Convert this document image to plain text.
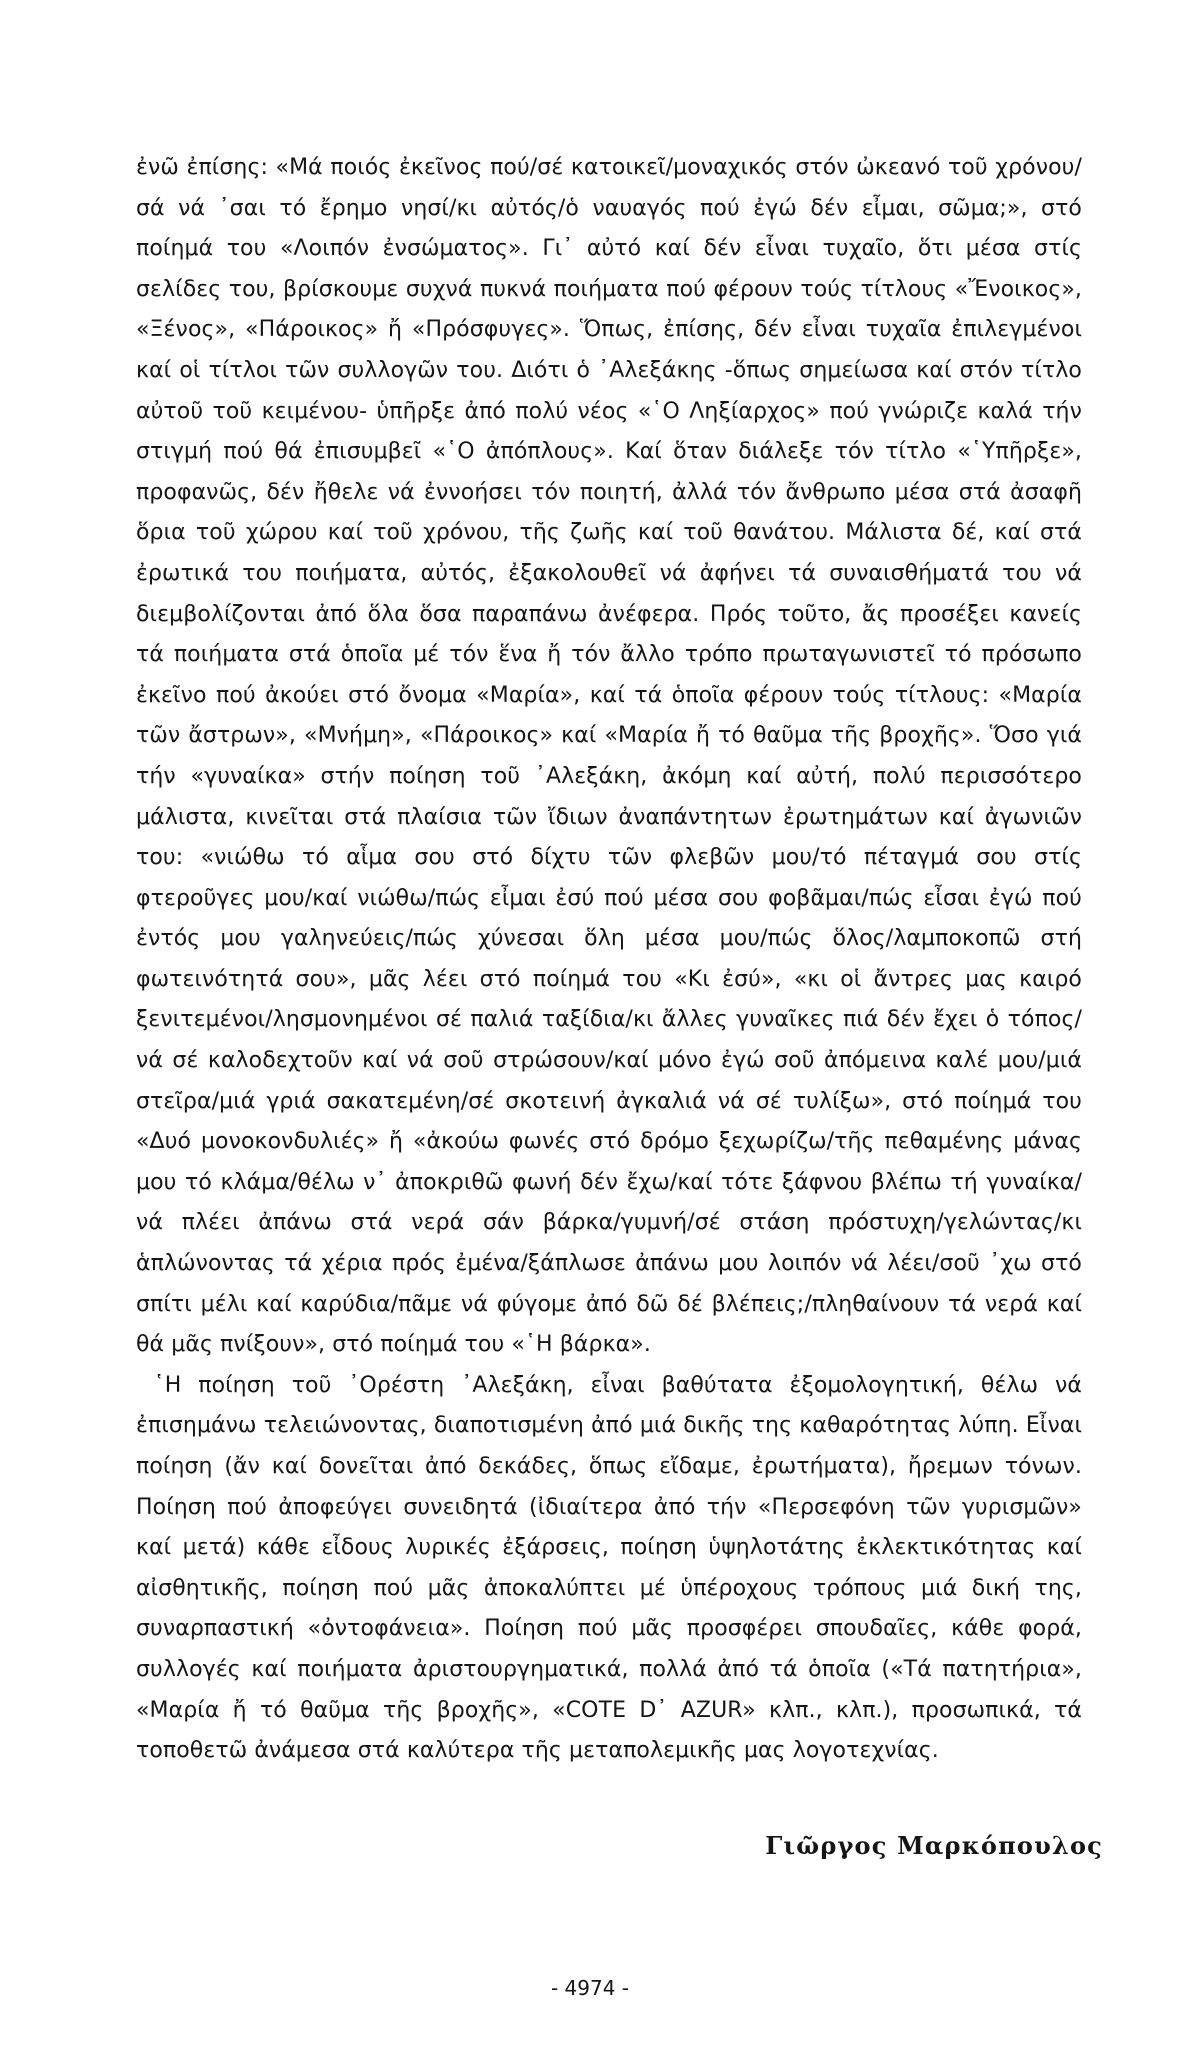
ἐνῶ ἐπίσης: «Μά ποιός ἐκεῖνος πού/σέ κατοικεῖ/μοναχικός στόν ὠκεανό τοῦ χρόνου/σά νά ᾽σαι τό ἔρημο νησί/κι αὐτός/ὁ ναυαγός πού ἐγώ δέν εἶμαι, σῶμα;», στό ποίημά του «Λοιπόν ἐνσώματος». Γι᾽ αὐτό καί δέν εἶναι τυχαῖο, ὅτι μέσα στίς σελίδες του, βρίσκουμε συχνά πυκνά ποιήματα πού φέρουν τούς τίτλους «Ἔνοικος», «Ξένος», «Πάροικος» ἤ «Πρόσφυγες». Ὅπως, ἐπίσης, δέν εἶναι τυχαῖα ἐπιλεγμένοι καί οἱ τίτλοι τῶν συλλογῶν του. Διότι ὁ ᾽Αλεξάκης -ὅπως σημείωσα καί στόν τίτλο αὐτοῦ τοῦ κειμένου- ὑπῆρξε ἀπό πολύ νέος «῾Ο Ληξίαρχος» πού γνώριζε καλά τήν στιγμή πού θά ἐπισυμβεῖ «῾Ο ἀπόπλους». Καί ὅταν διάλεξε τόν τίτλο «῾Υπῆρξε», προφανῶς, δέν ἤθελε νά ἐννοήσει τόν ποιητή, ἀλλά τόν ἄνθρωπο μέσα στά ἀσαφῆ ὅρια τοῦ χώρου καί τοῦ χρόνου, τῆς ζωῆς καί τοῦ θανάτου. Μάλιστα δέ, καί στά ἐρωτικά του ποιήματα, αὐτός, ἐξακολουθεῖ νά ἀφήνει τά συναισθήματά του νά διεμβολίζονται ἀπό ὅλα ὅσα παραπάνω ἀνέφερα. Πρός τοῦτο, ἄς προσέξει κανείς τά ποιήματα στά ὁποῖα μέ τόν ἕνα ἤ τόν ἄλλο τρόπο πρωταγωνιστεῖ τό πρόσωπο ἐκεῖνο πού ἀκούει στό ὄνομα «Μαρία», καί τά ὁποῖα φέρουν τούς τίτλους: «Μαρία τῶν ἄστρων», «Μνήμη», «Πάροικος» καί «Μαρία ἤ τό θαῦμα τῆς βροχῆς». Ὅσο γιά τήν «γυναίκα» στήν ποίηση τοῦ ᾽Αλεξάκη, ἀκόμη καί αὐτή, πολύ περισσότερο μάλιστα, κινεῖται στά πλαίσια τῶν ἴδιων ἀναπάντητων ἐρωτημάτων καί ἀγωνιῶν του: «νιώθω τό αἷμα σου στό δίχτυ τῶν φλεβῶν μου/τό πέταγμά σου στίς φτεροῦγες μου/καί νιώθω/πώς εἶμαι ἐσύ πού μέσα σου φοβᾶμαι/πώς εἶσαι ἐγώ πού ἐντός μου γαληνεύεις/πώς χύνεσαι ὅλη μέσα μου/πώς ὅλος/λαμποκοπῶ στή φωτεινότητά σου», μᾶς λέει στό ποίημά του «Κι ἐσύ», «κι οἱ ἄντρες μας καιρό ξενιτεμένοι/λησμονημένοι σέ παλιά ταξίδια/κι ἄλλες γυναῖκες πιά δέν ἔχει ὁ τόπος/νά σέ καλοδεχτοῦν καί νά σοῦ στρώσουν/καί μόνο ἐγώ σοῦ ἀπόμεινα καλέ μου/μιά στεῖρα/μιά γριά σακατεμένη/σέ σκοτεινή ἀγκαλιά νά σέ τυλίξω», στό ποίημά του «Δυό μονοκονδυλιές» ἤ «ἀκούω φωνές στό δρόμο ξεχωρίζω/τῆς πεθαμένης μάνας μου τό κλάμα/θέλω ν᾽ ἀποκριθῶ φωνή δέν ἔχω/καί τότε ξάφνου βλέπω τή γυναίκα/νά πλέει ἀπάνω στά νερά σάν βάρκα/γυμνή/σέ στάση πρόστυχη/γελώντας/κι ἁπλώνοντας τά χέρια πρός ἐμένα/ξάπλωσε ἀπάνω μου λοιπόν νά λέει/σοῦ ᾽χω στό σπίτι μέλι καί καρύδια/πᾶμε νά φύγομε ἀπό δῶ δέ βλέπεις;/πληθαίνουν τά νερά καί θά μᾶς πνίξουν», στό ποίημά του «῾Η βάρκα».

῾Η ποίηση τοῦ ᾽Ορέστη ᾽Αλεξάκη, εἶναι βαθύτατα ἐξομολογητική, θέλω νά ἐπισημάνω τελειώνοντας, διαποτισμένη ἀπό μιά δικῆς της καθαρότητας λύπη. Εἶναι ποίηση (ἄν καί δονεῖται ἀπό δεκάδες, ὅπως εἴδαμε, ἐρωτήματα), ἤρεμων τόνων. Ποίηση πού ἀποφεύγει συνειδητά (ἰδιαίτερα ἀπό τήν «Περσεφόνη τῶν γυρισμῶν» καί μετά) κάθε εἶδους λυρικές ἐξάρσεις, ποίηση ὑψηλοτάτης ἐκλεκτικότητας καί αἰσθητικῆς, ποίηση πού μᾶς ἀποκαλύπτει μέ ὑπέροχους τρόπους μιά δική της, συναρπαστική «ὀντοφάνεια». Ποίηση πού μᾶς προσφέρει σπουδαῖες, κάθε φορά, συλλογές καί ποιήματα ἀριστουργηματικά, πολλά ἀπό τά ὁποῖα («Τά πατητήρια», «Μαρία ἤ τό θαῦμα τῆς βροχῆς», «COTE D᾽ AZUR» κλπ., κλπ.), προσωπικά, τά τοποθετῶ ἀνάμεσα στά καλύτερα τῆς μεταπολεμικῆς μας λογοτεχνίας.

Γιῶργος Μαρκόπουλος

- 4974 -
